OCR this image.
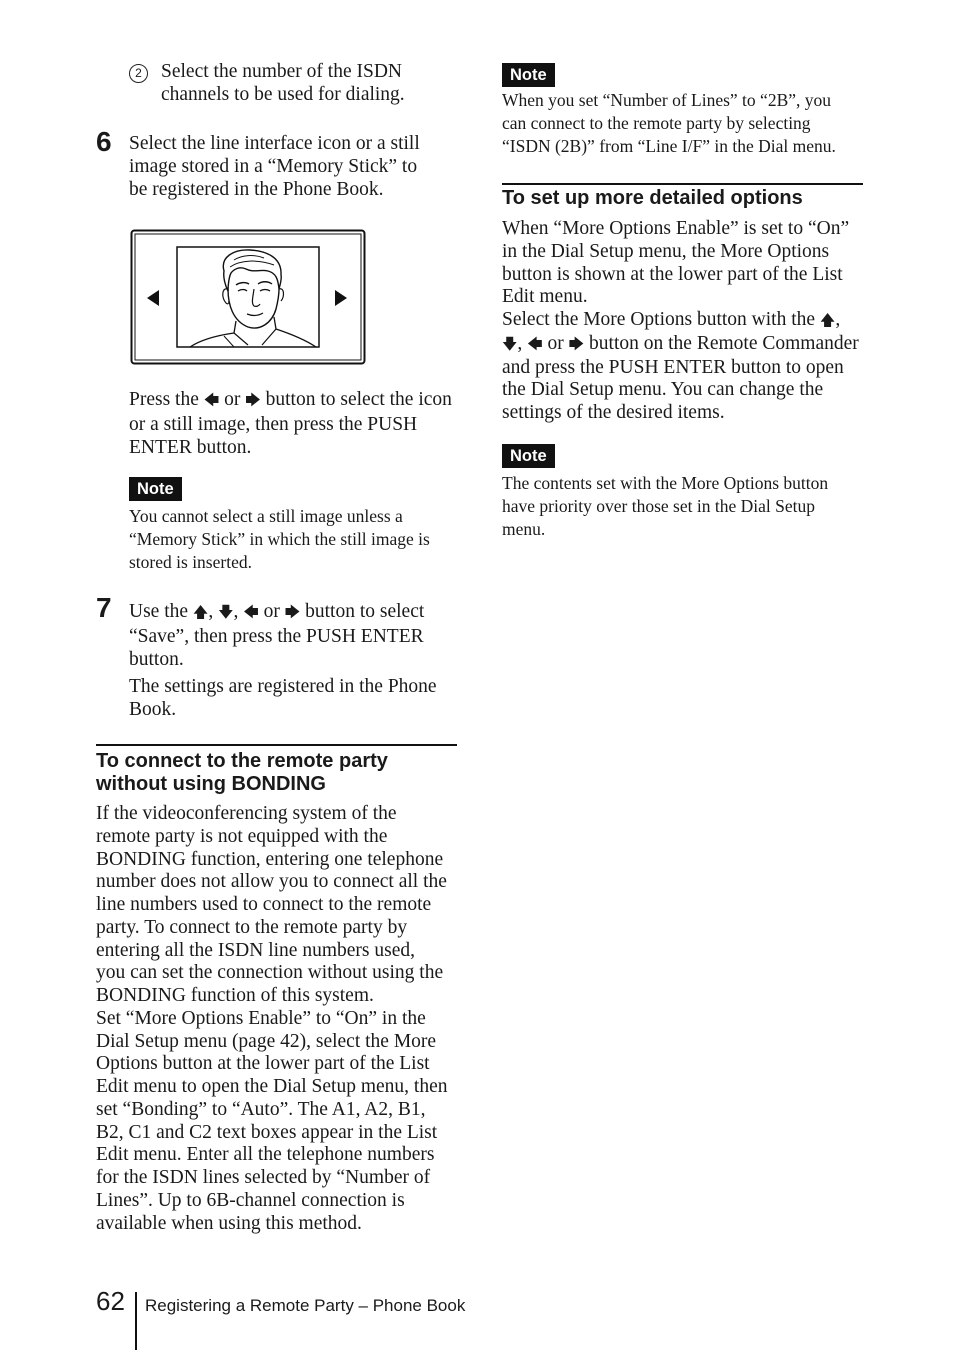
2 Select the number of the ISDN
channels to be used for dialing.
6 Select the line interface icon or a still
image stored in a “Memory Stick” to
be registered in the Phone Book.
Press the 🡄 or 🡆 button to select the icon
or a still image, then press the PUSH
ENTER button.
Note
You cannot select a still image unless a
“Memory Stick” in which the still image is
stored is inserted.
7 Use the 🡅, 🡇, 🡄 or 🡆 button to select
“Save”, then press the PUSH ENTER
button.
The settings are registered in the Phone
Book.
To connect to the remote party
without using BONDING
If the videoconferencing system of the
remote party is not equipped with the
BONDING function, entering one telephone
number does not allow you to connect all the
line numbers used to connect to the remote
party. To connect to the remote party by
entering all the ISDN line numbers used,
you can set the connection without using the
BONDING function of this system.
Set “More Options Enable” to “On” in the
Dial Setup menu (page 42), select the More
Options button at the lower part of the List
Edit menu to open the Dial Setup menu, then
set “Bonding” to “Auto”. The A1, A2, B1,
B2, C1 and C2 text boxes appear in the List
Edit menu. Enter all the telephone numbers
for the ISDN lines selected by “Number of
Lines”. Up to 6B-channel connection is
available when using this method.
Note
When you set “Number of Lines” to “2B”, you
can connect to the remote party by selecting
“ISDN (2B)” from “Line I/F” in the Dial menu.
To set up more detailed options
When “More Options Enable” is set to “On”
in the Dial Setup menu, the More Options
button is shown at the lower part of the List
Edit menu.
Select the More Options button with the 🡅,
🡇, 🡄 or 🡆 button on the Remote Commander
and press the PUSH ENTER button to open
the Dial Setup menu. You can change the
settings of the desired items.
Note
The contents set with the More Options button
have priority over those set in the Dial Setup
menu.
62 Registering a Remote Party – Phone Book
